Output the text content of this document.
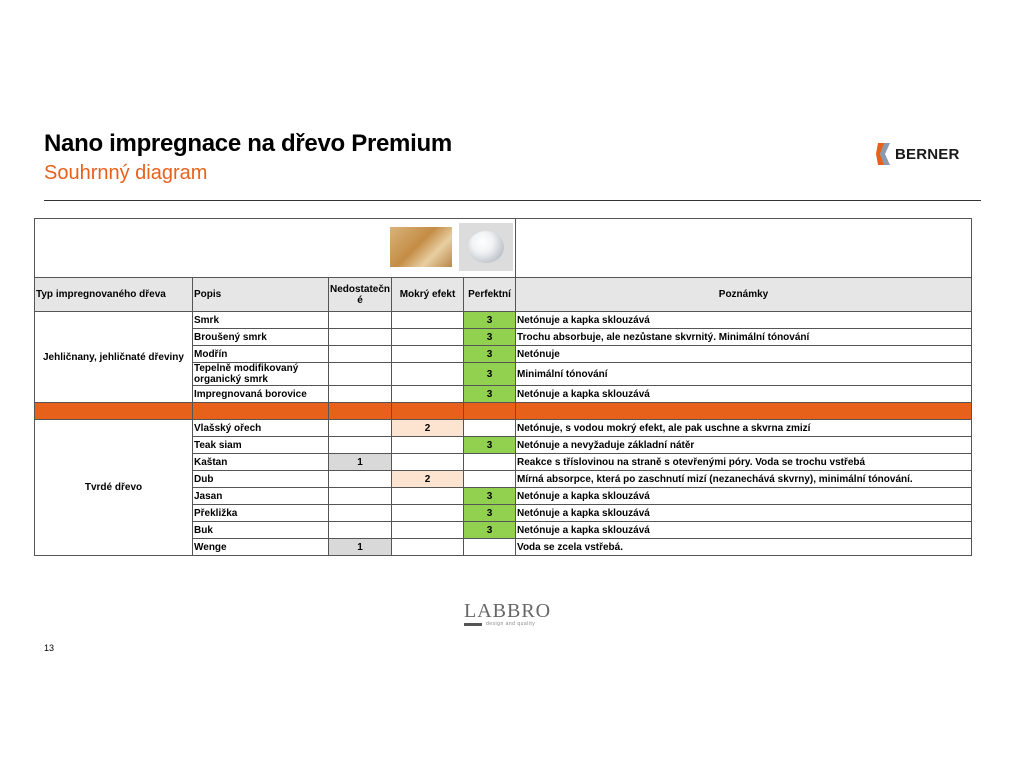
Nano impregnace na dřevo Premium
Souhrnný diagram
BERNER

Typ impregnovaného dřeva	Popis	Nedostatečn é	Mokrý efekt	Perfektní	Poznámky
Jehličnany, jehličnaté dřeviny	Smrk			3	Netónuje a kapka sklouzává
	Broušený smrk			3	Trochu absorbuje, ale nezůstane skvrnitý. Minimální tónování
	Modřín			3	Netónuje
	Tepelně modifikovaný organický smrk			3	Minimální tónování
	Impregnovaná borovice			3	Netónuje a kapka sklouzává

Tvrdé dřevo	Vlašský ořech		2		Netónuje, s vodou mokrý efekt, ale pak uschne a skvrna zmizí
	Teak siam			3	Netónuje a nevyžaduje základní nátěr
	Kaštan	1			Reakce s tříslovinou na straně s otevřenými póry. Voda se trochu vstřebá
	Dub		2		Mírná absorpce, která po zaschnutí mizí (nezanechává skvrny), minimální tónování.
	Jasan			3	Netónuje a kapka sklouzává
	Překližka			3	Netónuje a kapka sklouzává
	Buk			3	Netónuje a kapka sklouzává
	Wenge	1			Voda se zcela vstřebá.
LABBRO
design and quality
13
